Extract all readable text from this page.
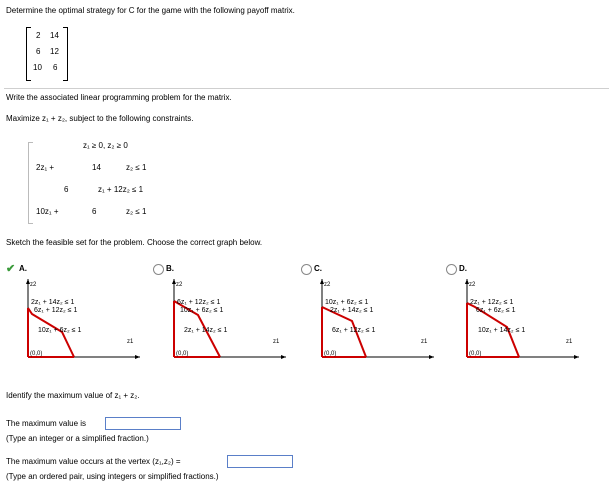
Determine the optimal strategy for C for the game with the following payoff matrix.
2 14
6 12
10 6
Write the associated linear programming problem for the matrix.
Maximize z₁ + z₂, subject to the following constraints.
z₁ ≥ 0, z₂ ≥ 0
2z₁ +	14	z₂ ≤ 1
6	z₁ + 12z₂ ≤ 1
10z₁ +	6	z₂ ≤ 1
Sketch the feasible set for the problem. Choose the correct graph below.
✔ A.
z2
z1
(0,0)
2z₁ + 14z₂ ≤ 1
6z₁ + 12z₂ ≤ 1
10z₁ + 6z₂ ≤ 1
B.
z2
z1
(0,0)
6z₁ + 12z₂ ≤ 1
10z₁ + 6z₂ ≤ 1
2z₁ + 14z₂ ≤ 1
C.
z2
z1
(0,0)
10z₁ + 6z₂ ≤ 1
2z₁ + 14z₂ ≤ 1
6z₁ + 12z₂ ≤ 1
D.
z2
z1
(0,0)
2z₁ + 12z₂ ≤ 1
6z₁ + 6z₂ ≤ 1
10z₁ + 14z₂ ≤ 1
Identify the maximum value of z₁ + z₂.
The maximum value is
(Type an integer or a simplified fraction.)
The maximum value occurs at the vertex (z₁,z₂) =
(Type an ordered pair, using integers or simplified fractions.)
